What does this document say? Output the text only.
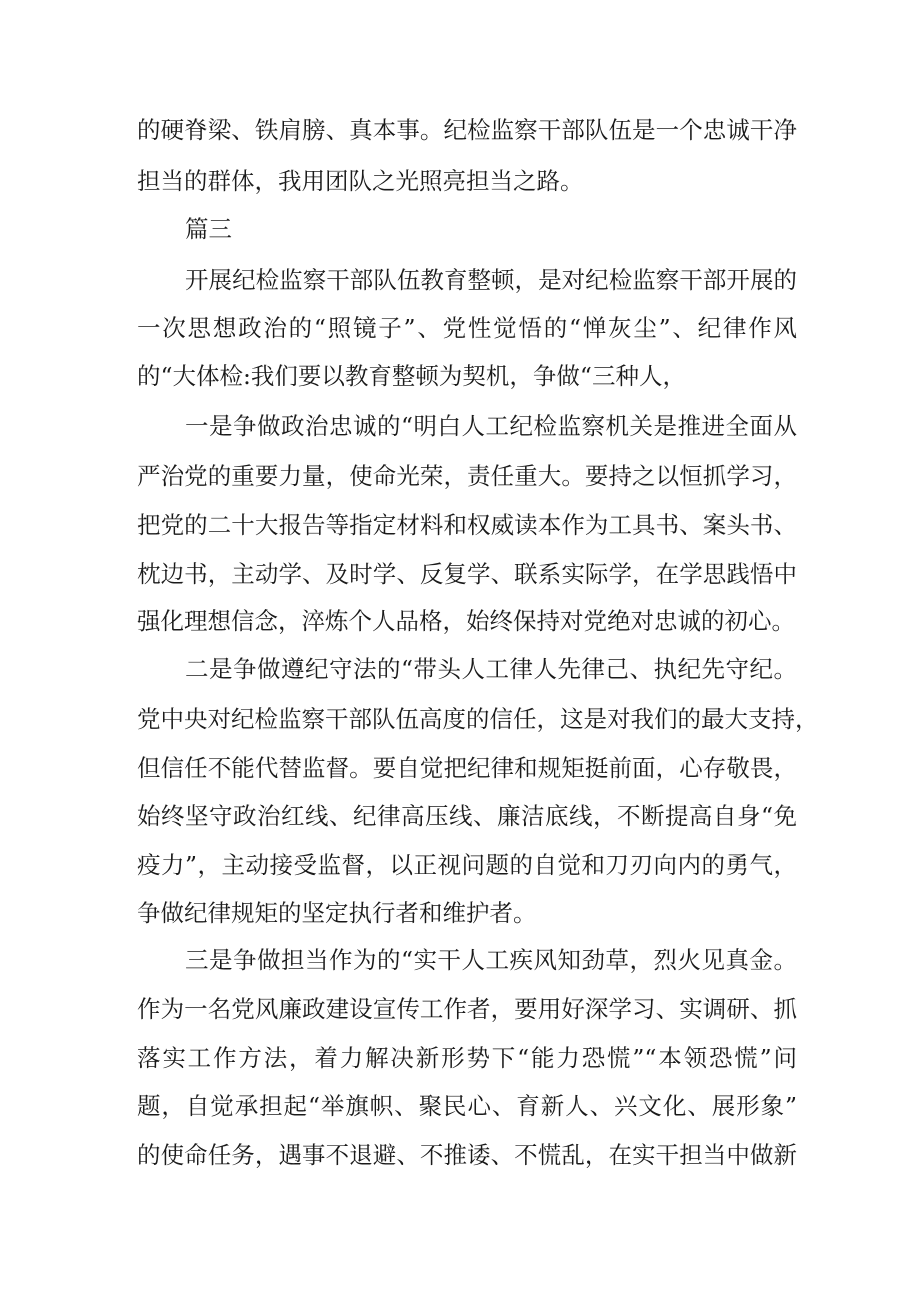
的硬脊梁、铁肩膀、真本事。纪检监察干部队伍是一个忠诚干净
担当的群体，我用团队之光照亮担当之路。
篇三
开展纪检监察干部队伍教育整顿，是对纪检监察干部开展的
一次思想政治的“照镜子”、党性觉悟的“惮灰尘”、纪律作风
的“大体检:我们要以教育整顿为契机，争做“三种人，
一是争做政治忠诚的“明白人工纪检监察机关是推进全面从
严治党的重要力量，使命光荣，责任重大。要持之以恒抓学习，
把党的二十大报告等指定材料和权威读本作为工具书、案头书、
枕边书，主动学、及时学、反复学、联系实际学，在学思践悟中
强化理想信念，淬炼个人品格，始终保持对党绝对忠诚的初心。
二是争做遵纪守法的“带头人工律人先律己、执纪先守纪。
党中央对纪检监察干部队伍高度的信任，这是对我们的最大支持，
但信任不能代替监督。要自觉把纪律和规矩挺前面，心存敬畏，
始终坚守政治红线、纪律高压线、廉洁底线，不断提高自身“免
疫力”，主动接受监督，以正视问题的自觉和刀刃向内的勇气，
争做纪律规矩的坚定执行者和维护者。
三是争做担当作为的“实干人工疾风知劲草，烈火见真金。
作为一名党风廉政建设宣传工作者，要用好深学习、实调研、抓
落实工作方法，着力解决新形势下“能力恐慌”“本领恐慌”问
题，自觉承担起“举旗帜、聚民心、育新人、兴文化、展形象”
的使命任务，遇事不退避、不推诿、不慌乱，在实干担当中做新
